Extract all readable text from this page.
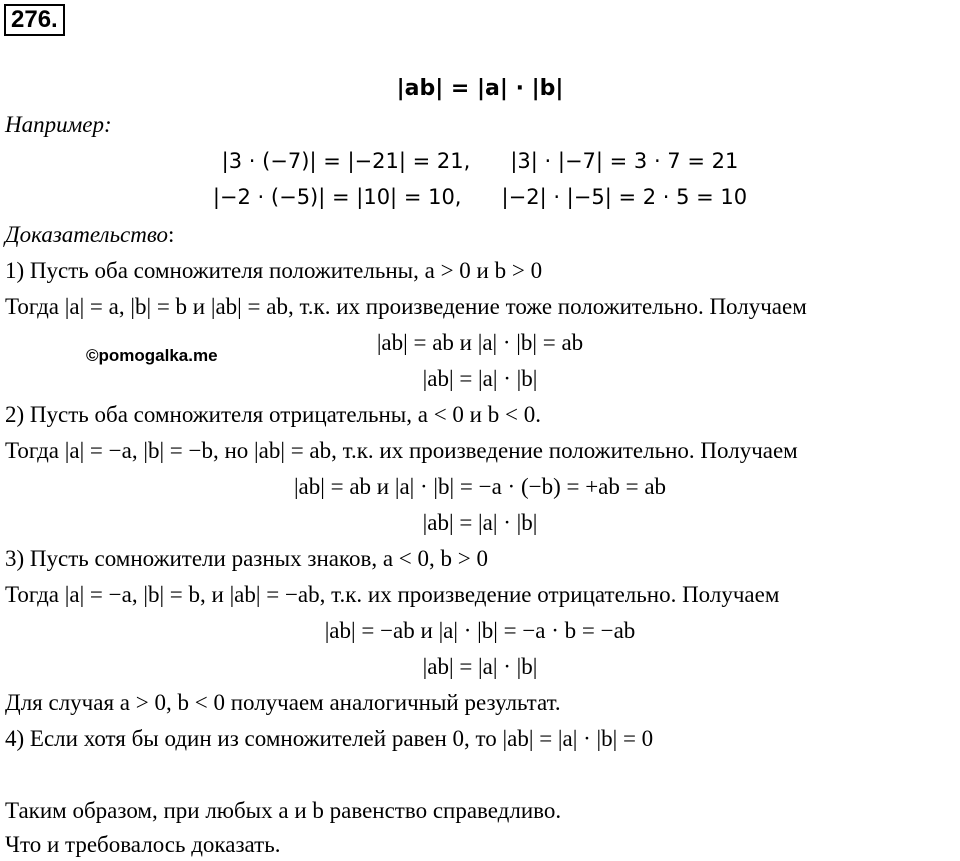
276.
|ab| = |a| · |b|
Например:
|3 · (−7)| = |−21| = 21,      |3| · |−7| = 3 · 7 = 21
|−2 · (−5)| = |10| = 10,      |−2| · |−5| = 2 · 5 = 10
Доказательство:
1) Пусть оба сомножителя положительны, a > 0 и b > 0
Тогда |a| = a, |b| = b и |ab| = ab, т.к. их произведение тоже положительно. Получаем
|ab| = ab и |a| · |b| = ab
©pomogalka.me
|ab| = |a| · |b|
2) Пусть оба сомножителя отрицательны, a < 0 и b < 0.
Тогда |a| = −a, |b| = −b, но |ab| = ab, т.к. их произведение положительно. Получаем
|ab| = ab и |a| · |b| = −a · (−b) = +ab = ab
|ab| = |a| · |b|
3) Пусть сомножители разных знаков, a < 0, b > 0
Тогда |a| = −a, |b| = b, и |ab| = −ab, т.к. их произведение отрицательно. Получаем
|ab| = −ab и |a| · |b| = −a · b = −ab
|ab| = |a| · |b|
Для случая a > 0, b < 0 получаем аналогичный результат.
4) Если хотя бы один из сомножителей равен 0, то |ab| = |a| · |b| = 0
Таким образом, при любых a и b равенство справедливо.
Что и требовалось доказать.
